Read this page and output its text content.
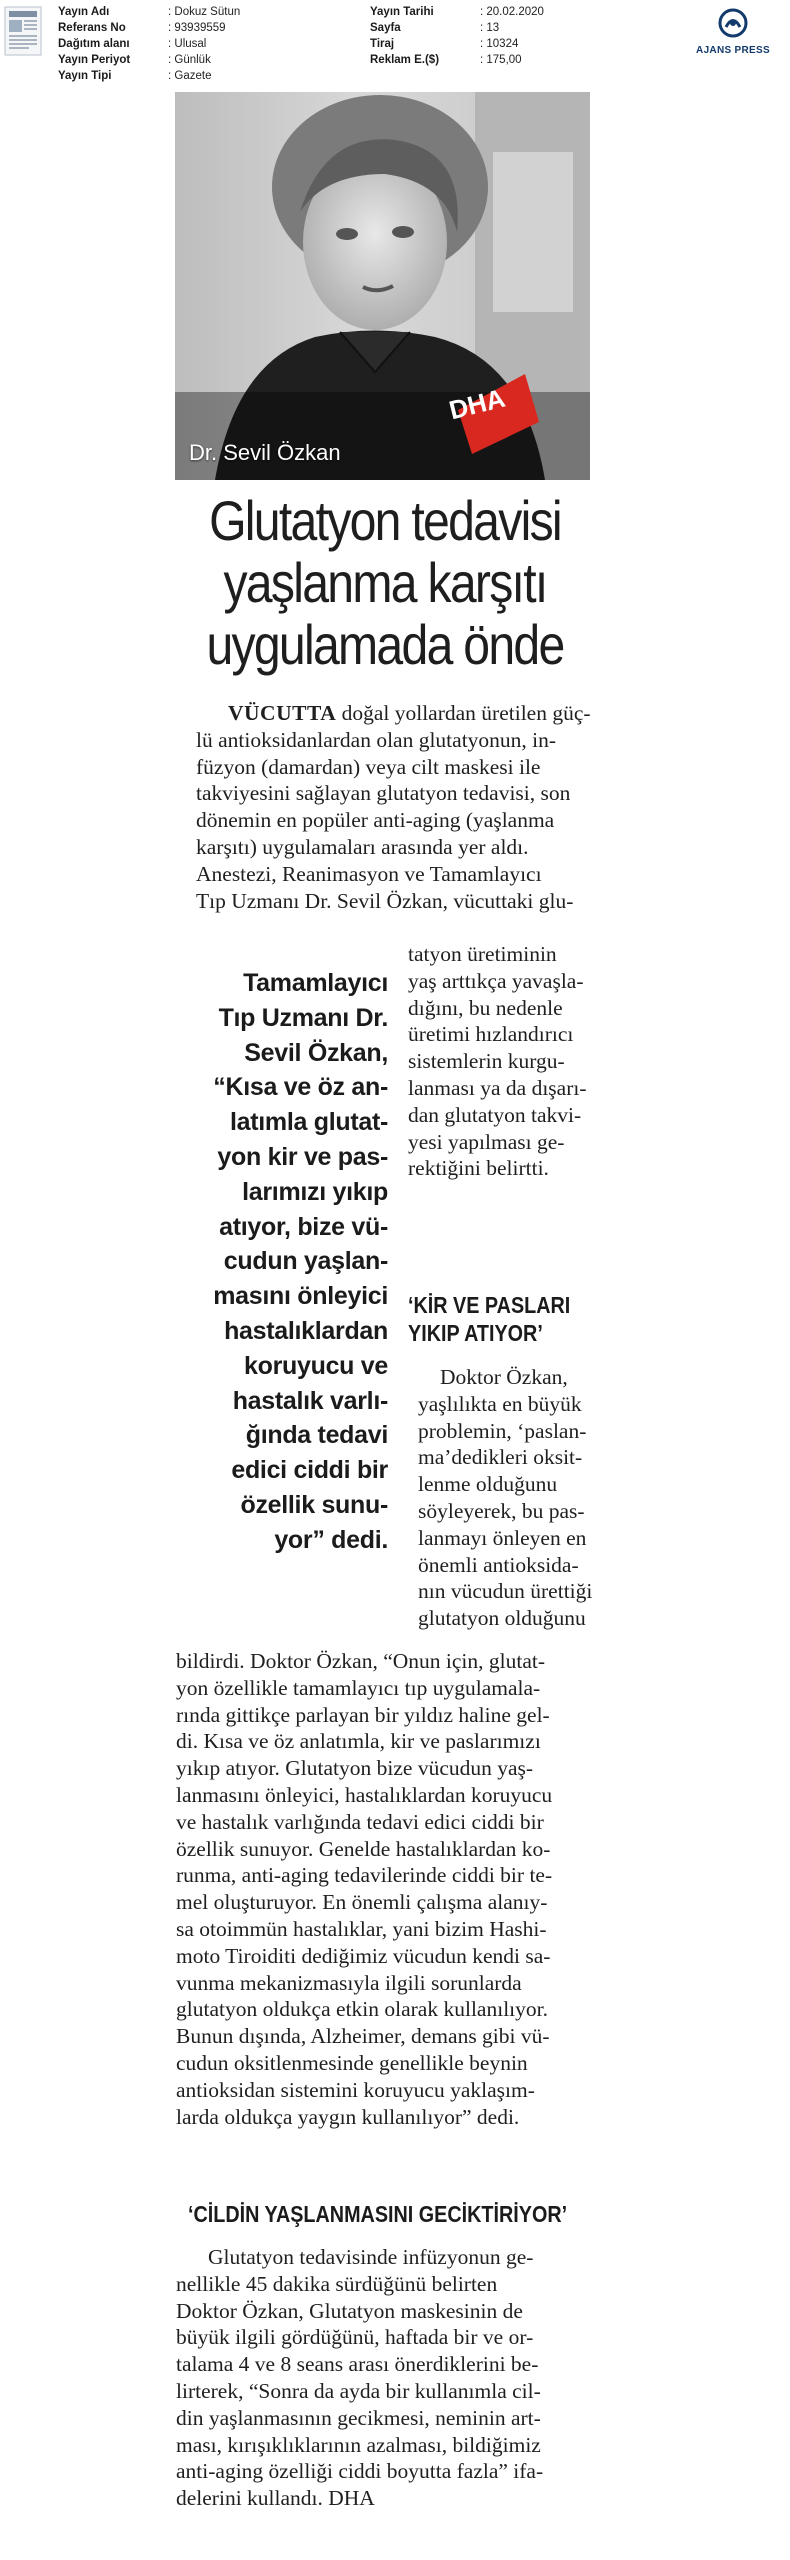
Yayın Adı	: Dokuz Sütun
Referans No	: 93939559
Dağıtım alanı	: Ulusal
Yayın Periyot	: Günlük
Yayın Tipi	: Gazete
Yayın Tarihi	: 20.02.2020
Sayfa	: 13
Tiraj	: 10324
Reklam E.($)	: 175,00
AJANS PRESS
DHA
Dr. Sevil Özkan
Glutatyon tedavisi
yaşlanma karşıtı
uygulamada önde
VÜCUTTA doğal yollardan üretilen güç-
lü antioksidanlardan olan glutatyonun, in-
füzyon (damardan) veya cilt maskesi ile
takviyesini sağlayan glutatyon tedavisi, son
dönemin en popüler anti-aging (yaşlanma
karşıtı) uygulamaları arasında yer aldı.
Anestezi, Reanimasyon ve Tamamlayıcı
Tıp Uzmanı Dr. Sevil Özkan, vücuttaki glu-
Tamamlayıcı
Tıp Uzmanı Dr.
Sevil Özkan,
“Kısa ve öz an-
latımla glutat-
yon kir ve pas-
larımızı yıkıp
atıyor, bize vü-
cudun yaşlan-
masını önleyici
hastalıklardan
koruyucu ve
hastalık varlı-
ğında tedavi
edici ciddi bir
özellik sunu-
yor” dedi.
tatyon üretiminin
yaş arttıkça yavaşla-
dığını, bu nedenle
üretimi hızlandırıcı
sistemlerin kurgu-
lanması ya da dışarı-
dan glutatyon takvi-
yesi yapılması ge-
rektiğini belirtti.
‘KİR VE PASLARI
YIKIP ATIYOR’
Doktor Özkan,
yaşlılıkta en büyük
problemin, ‘paslan-
ma’dedikleri oksit-
lenme olduğunu
söyleyerek, bu pas-
lanmayı önleyen en
önemli antioksida-
nın vücudun ürettiği
glutatyon olduğunu
bildirdi. Doktor Özkan, “Onun için, glutat-
yon özellikle tamamlayıcı tıp uygulamala-
rında gittikçe parlayan bir yıldız haline gel-
di. Kısa ve öz anlatımla, kir ve paslarımızı
yıkıp atıyor. Glutatyon bize vücudun yaş-
lanmasını önleyici, hastalıklardan koruyucu
ve hastalık varlığında tedavi edici ciddi bir
özellik sunuyor. Genelde hastalıklardan ko-
runma, anti-aging tedavilerinde ciddi bir te-
mel oluşturuyor. En önemli çalışma alanıy-
sa otoimmün hastalıklar, yani bizim Hashi-
moto Tiroiditi dediğimiz vücudun kendi sa-
vunma mekanizmasıyla ilgili sorunlarda
glutatyon oldukça etkin olarak kullanılıyor.
Bunun dışında, Alzheimer, demans gibi vü-
cudun oksitlenmesinde genellikle beynin
antioksidan sistemini koruyucu yaklaşım-
larda oldukça yaygın kullanılıyor” dedi.
‘CİLDİN YAŞLANMASINI GECİKTİRİYOR’
Glutatyon tedavisinde infüzyonun ge-
nellikle 45 dakika sürdüğünü belirten
Doktor Özkan, Glutatyon maskesinin de
büyük ilgili gördüğünü, haftada bir ve or-
talama 4 ve 8 seans arası önerdiklerini be-
lirterek, “Sonra da ayda bir kullanımla cil-
din yaşlanmasının gecikmesi, neminin art-
ması, kırışıklıklarının azalması, bildiğimiz
anti-aging özelliği ciddi boyutta fazla” ifa-
delerini kullandı. DHA
